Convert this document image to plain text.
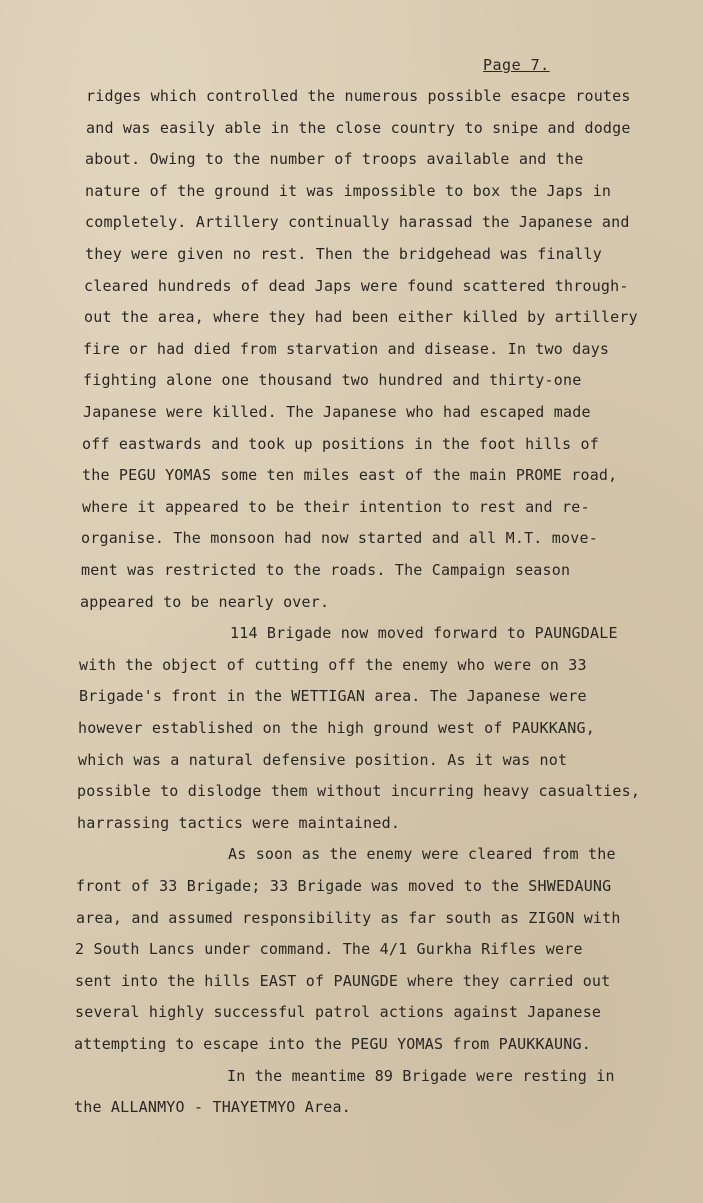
Page 7.
ridges which controlled the numerous possible esacpe routes
and was easily able in the close country to snipe and dodge
about. Owing to the number of troops available and the
nature of the ground it was impossible to box the Japs in
completely. Artillery continually harassad the Japanese and
they were given no rest. Then the bridgehead was finally
cleared hundreds of dead Japs were found scattered through-
out the area, where they had been either killed by artillery
fire or had died from starvation and disease. In two days
fighting alone one thousand two hundred and thirty-one
Japanese were killed. The Japanese who had escaped made
off eastwards and took up positions in the foot hills of
the PEGU YOMAS some ten miles east of the main PROME road,
where it appeared to be their intention to rest and re-
organise. The monsoon had now started and all M.T. move-
ment was restricted to the roads. The Campaign season
appeared to be nearly over.
114 Brigade now moved forward to PAUNGDALE
with the object of cutting off the enemy who were on 33
Brigade's front in the WETTIGAN area. The Japanese were
however established on the high ground west of PAUKKANG,
which was a natural defensive position. As it was not
possible to dislodge them without incurring heavy casualties,
harrassing tactics were maintained.
As soon as the enemy were cleared from the
front of 33 Brigade; 33 Brigade was moved to the SHWEDAUNG
area, and assumed responsibility as far south as ZIGON with
2 South Lancs under command. The 4/1 Gurkha Rifles were
sent into the hills EAST of PAUNGDE where they carried out
several highly successful patrol actions against Japanese
attempting to escape into the PEGU YOMAS from PAUKKAUNG.
In the meantime 89 Brigade were resting in
the ALLANMYO - THAYETMYO Area.
